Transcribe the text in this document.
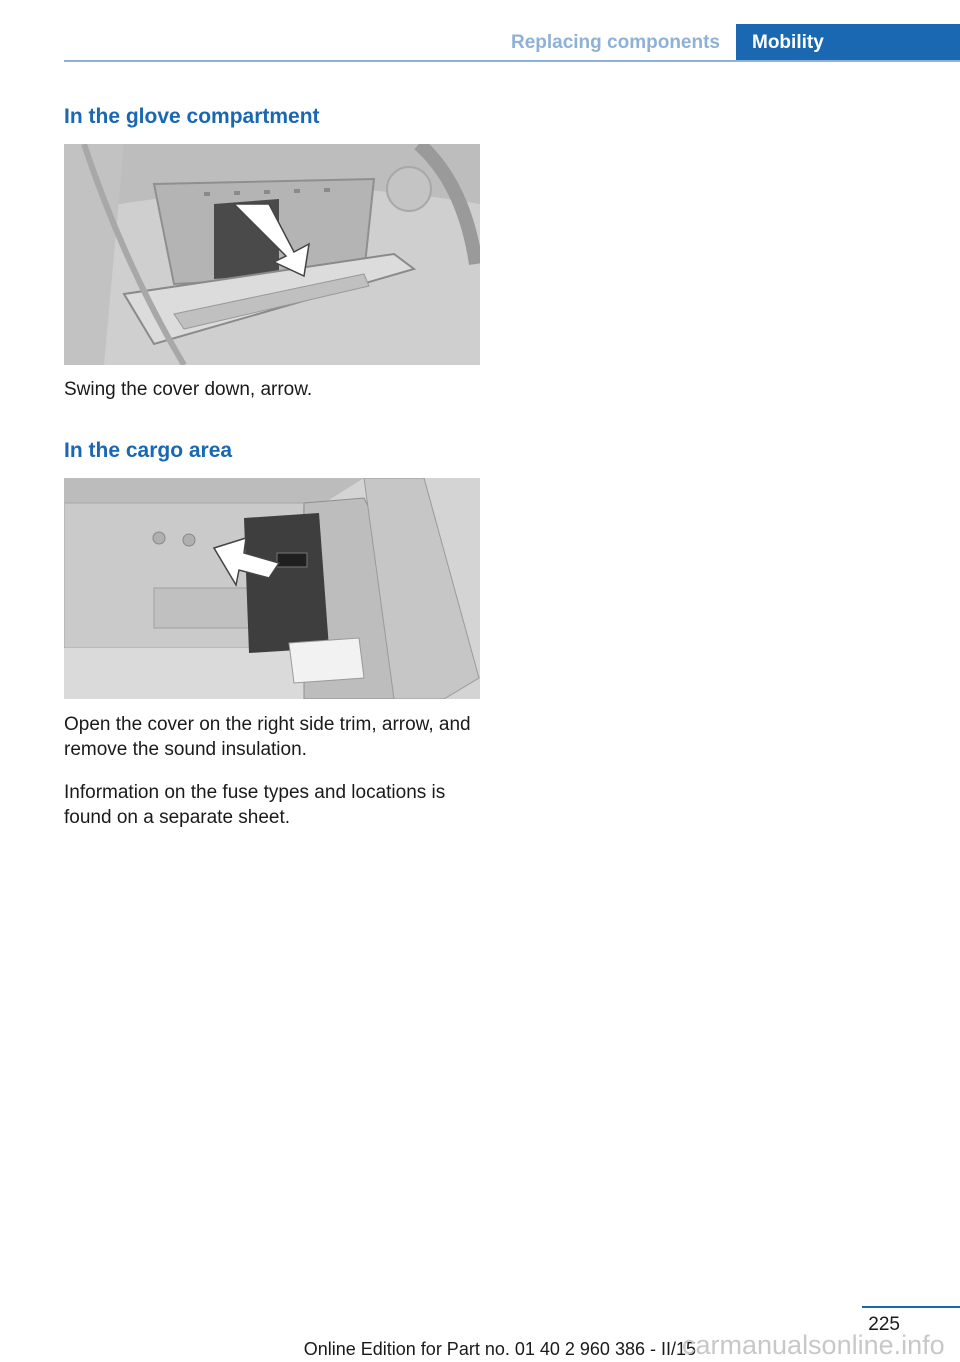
Replacing components	Mobility
In the glove compartment

Swing the cover down, arrow.

In the cargo area

Open the cover on the right side trim, arrow, and remove the sound insulation.

Information on the fuse types and locations is found on a separate sheet.

225
Online Edition for Part no. 01 40 2 960 386 - II/15
carmanualsonline.info
